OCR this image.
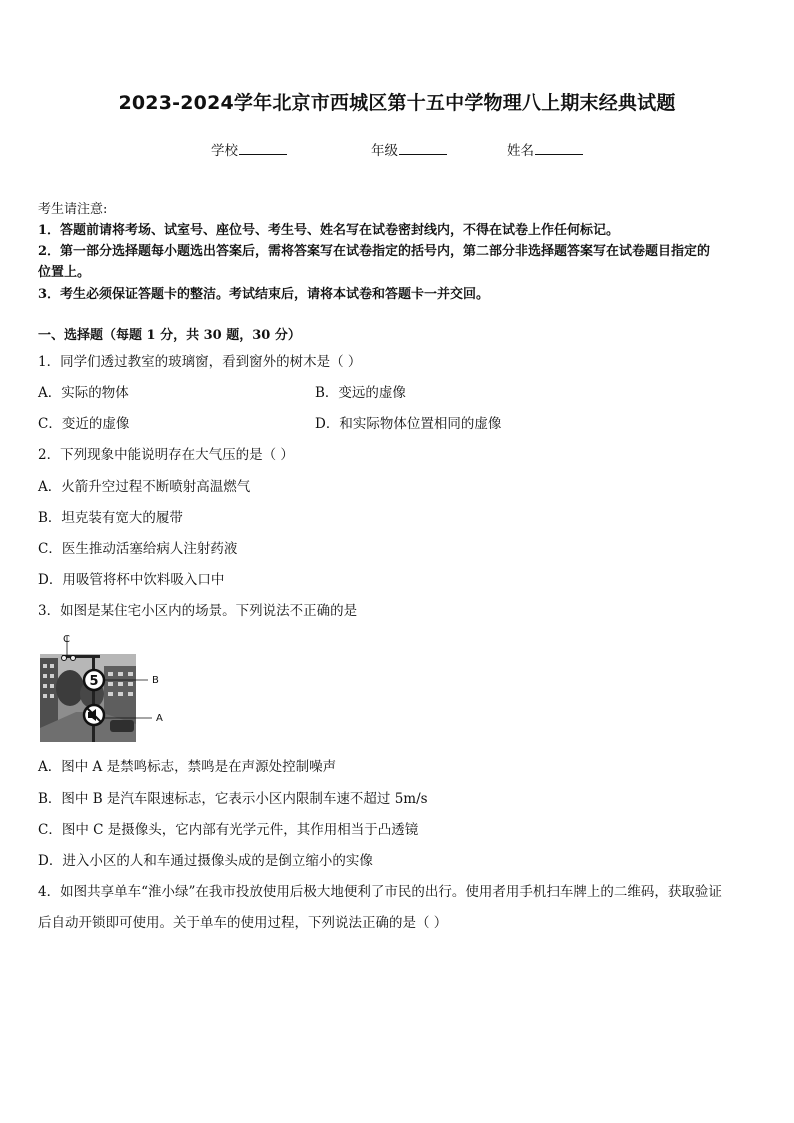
2023-2024学年北京市西城区第十五中学物理八上期末经典试题
学校	年级	姓名
考生请注意:
1．答题前请将考场、试室号、座位号、考生号、姓名写在试卷密封线内，不得在试卷上作任何标记。
2．第一部分选择题每小题选出答案后，需将答案写在试卷指定的括号内，第二部分非选择题答案写在试卷题目指定的
位置上。
3．考生必须保证答题卡的整洁。考试结束后，请将本试卷和答题卡一并交回。
一、选择题（每题 1 分，共 30 题，30 分）
1．同学们透过教室的玻璃窗，看到窗外的树木是（ ）
A．实际的物体	B．变远的虚像
C．变近的虚像	D．和实际物体位置相同的虚像
2．下列现象中能说明存在大气压的是（ ）
A．火箭升空过程不断喷射高温燃气
B．坦克装有宽大的履带
C．医生推动活塞给病人注射药液
D．用吸管将杯中饮料吸入口中
3．如图是某住宅小区内的场景。下列说法不正确的是
5
C
B
A
A．图中 A 是禁鸣标志，禁鸣是在声源处控制噪声
B．图中 B 是汽车限速标志，它表示小区内限制车速不超过 5m/s
C．图中 C 是摄像头，它内部有光学元件，其作用相当于凸透镜
D．进入小区的人和车通过摄像头成的是倒立缩小的实像
4．如图共享单车“淮小绿”在我市投放使用后极大地便利了市民的出行。使用者用手机扫车牌上的二维码，获取验证
后自动开锁即可使用。关于单车的使用过程，下列说法正确的是（ ）
